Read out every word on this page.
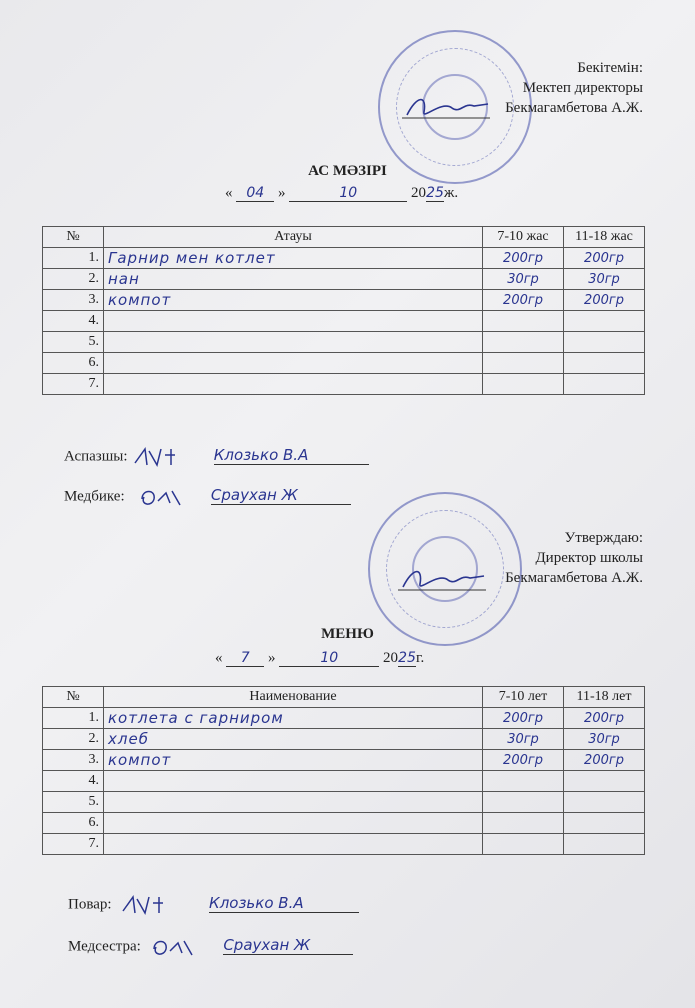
Бекітемін:
Мектеп директоры
Бекмагамбетова А.Ж.
АС МӘЗІРІ
« 04 »	10	2025ж.
№	Атауы	7-10 жас	11-18 жас
1.	Гарнир мен котлет	200гр	200гр
2.	нан	30гр	30гр
3.	компот	200гр	200гр
4.			
5.			
6.			
7.			
Аспазшы:	Клозько В.А
Медбике:	Сраухан Ж
Утверждаю:
Директор школы
Бекмагамбетова А.Ж.
МЕНЮ
« 7 »	10	2025г.
№	Наименование	7-10 лет	11-18 лет
1.	котлета с гарниром	200гр	200гр
2.	хлеб	30гр	30гр
3.	компот	200гр	200гр
4.			
5.			
6.			
7.			
Повар:	Клозько В.А
Медсестра:	Сраухан Ж
